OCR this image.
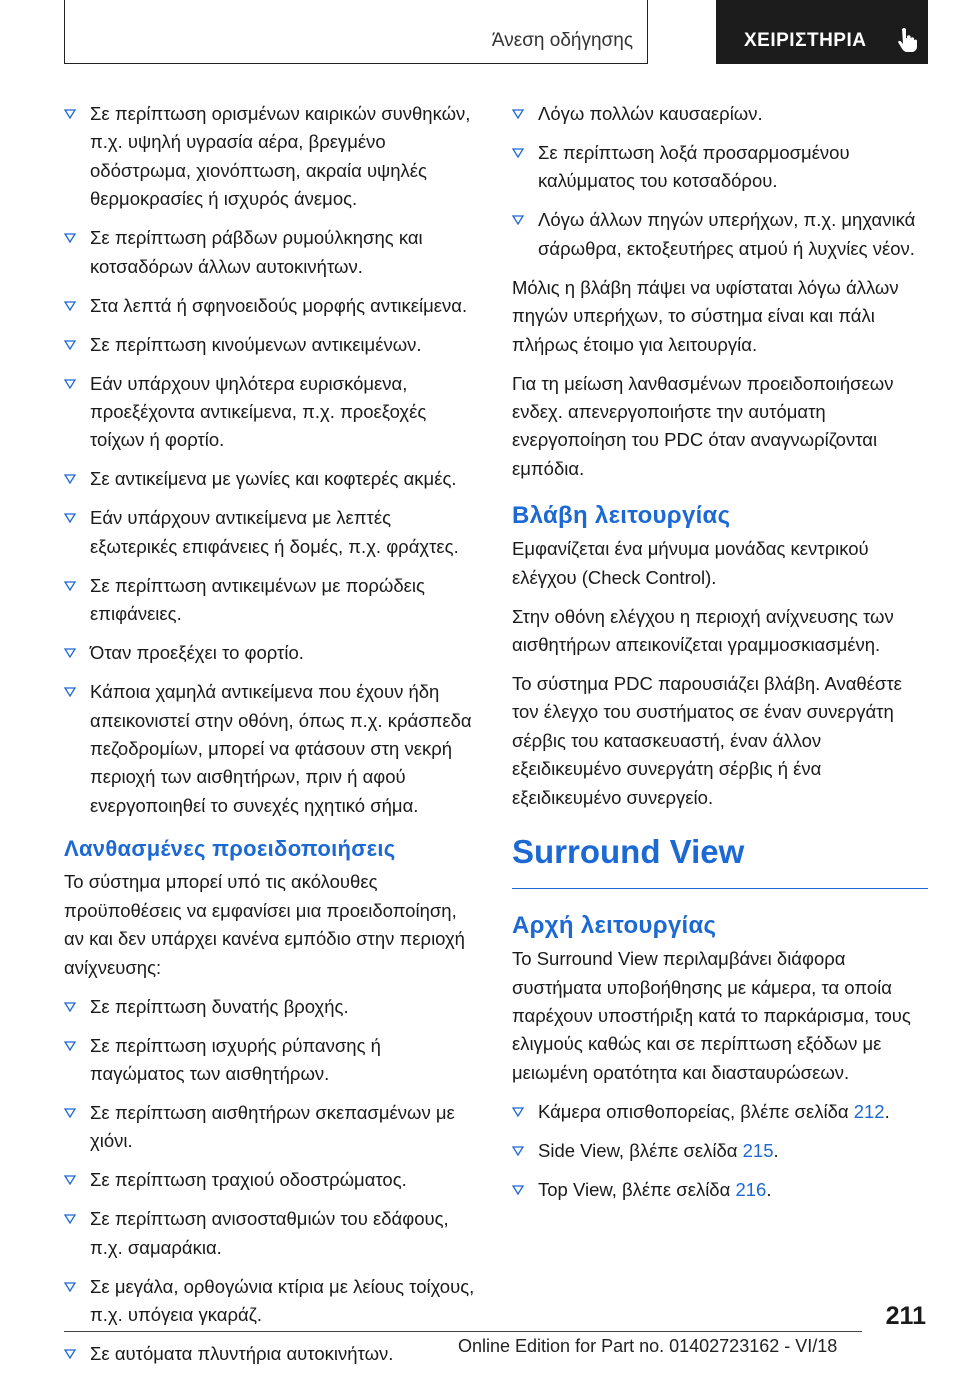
Άνεση οδήγησης	ΧΕΙΡΙΣΤΗΡΙΑ
Σε περίπτωση ορισμένων καιρικών συνθηκών, π.χ. υψηλή υγρασία αέρα, βρεγμένο οδόστρωμα, χιονόπτωση, ακραία υψηλές θερμοκρασίες ή ισχυρός άνεμος.
Σε περίπτωση ράβδων ρυμούλκησης και κοτσαδόρων άλλων αυτοκινήτων.
Στα λεπτά ή σφηνοειδούς μορφής αντικείμενα.
Σε περίπτωση κινούμενων αντικειμένων.
Εάν υπάρχουν ψηλότερα ευρισκόμενα, προεξέχοντα αντικείμενα, π.χ. προεξοχές τοίχων ή φορτίο.
Σε αντικείμενα με γωνίες και κοφτερές ακμές.
Εάν υπάρχουν αντικείμενα με λεπτές εξωτερικές επιφάνειες ή δομές, π.χ. φράχτες.
Σε περίπτωση αντικειμένων με πορώδεις επιφάνειες.
Όταν προεξέχει το φορτίο.
Κάποια χαμηλά αντικείμενα που έχουν ήδη απεικονιστεί στην οθόνη, όπως π.χ. κράσπεδα πεζοδρομίων, μπορεί να φτάσουν στη νεκρή περιοχή των αισθητήρων, πριν ή αφού ενεργοποιηθεί το συνεχές ηχητικό σήμα.
Λανθασμένες προειδοποιήσεις

Το σύστημα μπορεί υπό τις ακόλουθες προϋποθέσεις να εμφανίσει μια προειδοποίηση, αν και δεν υπάρχει κανένα εμπόδιο στην περιοχή ανίχνευσης:

Σε περίπτωση δυνατής βροχής.
Σε περίπτωση ισχυρής ρύπανσης ή παγώματος των αισθητήρων.
Σε περίπτωση αισθητήρων σκεπασμένων με χιόνι.
Σε περίπτωση τραχιού οδοστρώματος.
Σε περίπτωση ανισοσταθμιών του εδάφους, π.χ. σαμαράκια.
Σε μεγάλα, ορθογώνια κτίρια με λείους τοίχους, π.χ. υπόγεια γκαράζ.
Σε αυτόματα πλυντήρια αυτοκινήτων.
Λόγω πολλών καυσαερίων.
Σε περίπτωση λοξά προσαρμοσμένου καλύμματος του κοτσαδόρου.
Λόγω άλλων πηγών υπερήχων, π.χ. μηχανικά σάρωθρα, εκτοξευτήρες ατμού ή λυχνίες νέον.

Μόλις η βλάβη πάψει να υφίσταται λόγω άλλων πηγών υπερήχων, το σύστημα είναι και πάλι πλήρως έτοιμο για λειτουργία.

Για τη μείωση λανθασμένων προειδοποιήσεων ενδεχ. απενεργοποιήστε την αυτόματη ενεργοποίηση του PDC όταν αναγνωρίζονται εμπόδια.

Βλάβη λειτουργίας

Εμφανίζεται ένα μήνυμα μονάδας κεντρικού ελέγχου (Check Control).

Στην οθόνη ελέγχου η περιοχή ανίχνευσης των αισθητήρων απεικονίζεται γραμμοσκιασμένη.

Το σύστημα PDC παρουσιάζει βλάβη. Αναθέστε τον έλεγχο του συστήματος σε έναν συνεργάτη σέρβις του κατασκευαστή, έναν άλλον εξειδικευμένο συνεργάτη σέρβις ή ένα εξειδικευμένο συνεργείο.

Surround View
Αρχή λειτουργίας

Το Surround View περιλαμβάνει διάφορα συστήματα υποβοήθησης με κάμερα, τα οποία παρέχουν υποστήριξη κατά το παρκάρισμα, τους ελιγμούς καθώς και σε περίπτωση εξόδων με μειωμένη ορατότητα και διασταυρώσεων.

Κάμερα οπισθοπορείας, βλέπε σελίδα 212.
Side View, βλέπε σελίδα 215.
Top View, βλέπε σελίδα 216.
211
Online Edition for Part no. 01402723162 - VI/18
